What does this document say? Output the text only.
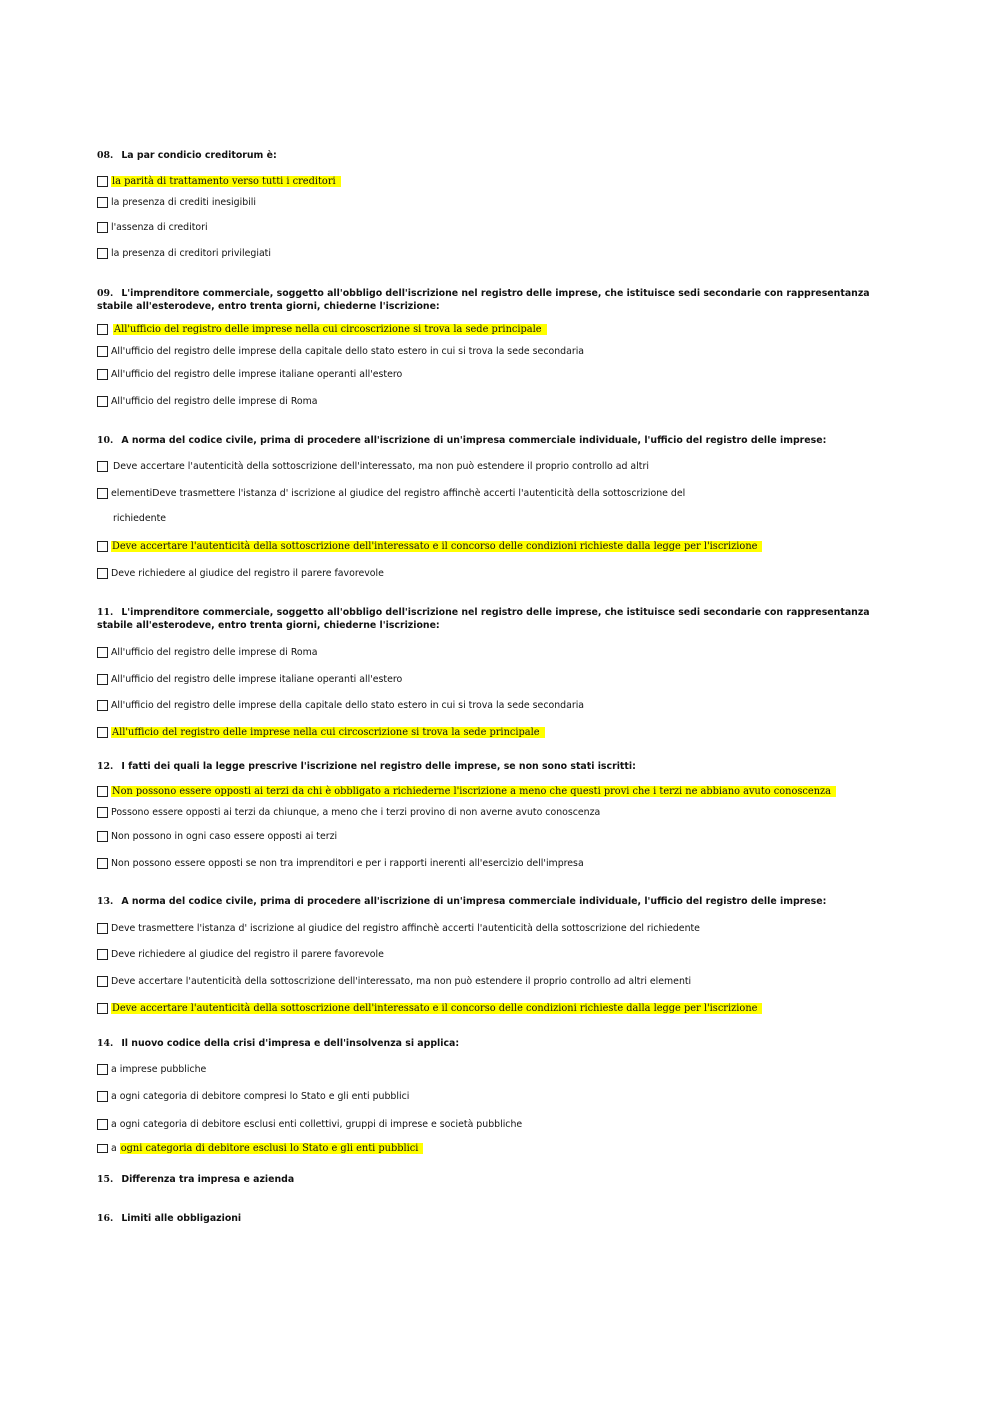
08. La par condicio creditorum è:
la parità di trattamento verso tutti i creditori
la presenza di crediti inesigibili
l'assenza di creditori
la presenza di creditori privilegiati
09. L'imprenditore commerciale, soggetto all'obbligo dell'iscrizione nel registro delle imprese, che istituisce sedi secondarie con rappresentanza stabile all'esterodeve, entro trenta giorni, chiederne l'iscrizione:
All'ufficio del registro delle imprese nella cui circoscrizione si trova la sede principale
All'ufficio del registro delle imprese della capitale dello stato estero in cui si trova la sede secondaria
All'ufficio del registro delle imprese italiane operanti all'estero
All'ufficio del registro delle imprese di Roma
10. A norma del codice civile, prima di procedere all'iscrizione di un'impresa commerciale individuale, l'ufficio del registro delle imprese:
Deve accertare l'autenticità della sottoscrizione dell'interessato, ma non può estendere il proprio controllo ad altri
elementiDeve trasmettere l'istanza d' iscrizione al giudice del registro affinchè accerti l'autenticità della sottoscrizione del
richiedente
Deve accertare l'autenticità della sottoscrizione dell'interessato e il concorso delle condizioni richieste dalla legge per l'iscrizione
Deve richiedere al giudice del registro il parere favorevole
11. L'imprenditore commerciale, soggetto all'obbligo dell'iscrizione nel registro delle imprese, che istituisce sedi secondarie con rappresentanza stabile all'esterodeve, entro trenta giorni, chiederne l'iscrizione:
All'ufficio del registro delle imprese di Roma
All'ufficio del registro delle imprese italiane operanti all'estero
All'ufficio del registro delle imprese della capitale dello stato estero in cui si trova la sede secondaria
All'ufficio del registro delle imprese nella cui circoscrizione si trova la sede principale
12. I fatti dei quali la legge prescrive l'iscrizione nel registro delle imprese, se non sono stati iscritti:
Non possono essere opposti ai terzi da chi è obbligato a richiederne l'iscrizione a meno che questi provi che i terzi ne abbiano avuto conoscenza
Possono essere opposti ai terzi da chiunque, a meno che i terzi provino di non averne avuto conoscenza
Non possono in ogni caso essere opposti ai terzi
Non possono essere opposti se non tra imprenditori e per i rapporti inerenti all'esercizio dell'impresa
13. A norma del codice civile, prima di procedere all'iscrizione di un'impresa commerciale individuale, l'ufficio del registro delle imprese:
Deve trasmettere l'istanza d' iscrizione al giudice del registro affinchè accerti l'autenticità della sottoscrizione del richiedente
Deve richiedere al giudice del registro il parere favorevole
Deve accertare l'autenticità della sottoscrizione dell'interessato, ma non può estendere il proprio controllo ad altri elementi
Deve accertare l'autenticità della sottoscrizione dell'interessato e il concorso delle condizioni richieste dalla legge per l'iscrizione
14. Il nuovo codice della crisi d'impresa e dell'insolvenza si applica:
a imprese pubbliche
a ogni categoria di debitore compresi lo Stato e gli enti pubblici
a ogni categoria di debitore esclusi enti collettivi, gruppi di imprese e società pubbliche
a ogni categoria di debitore esclusi lo Stato e gli enti pubblici
15. Differenza tra impresa e azienda
16. Limiti alle obbligazioni
